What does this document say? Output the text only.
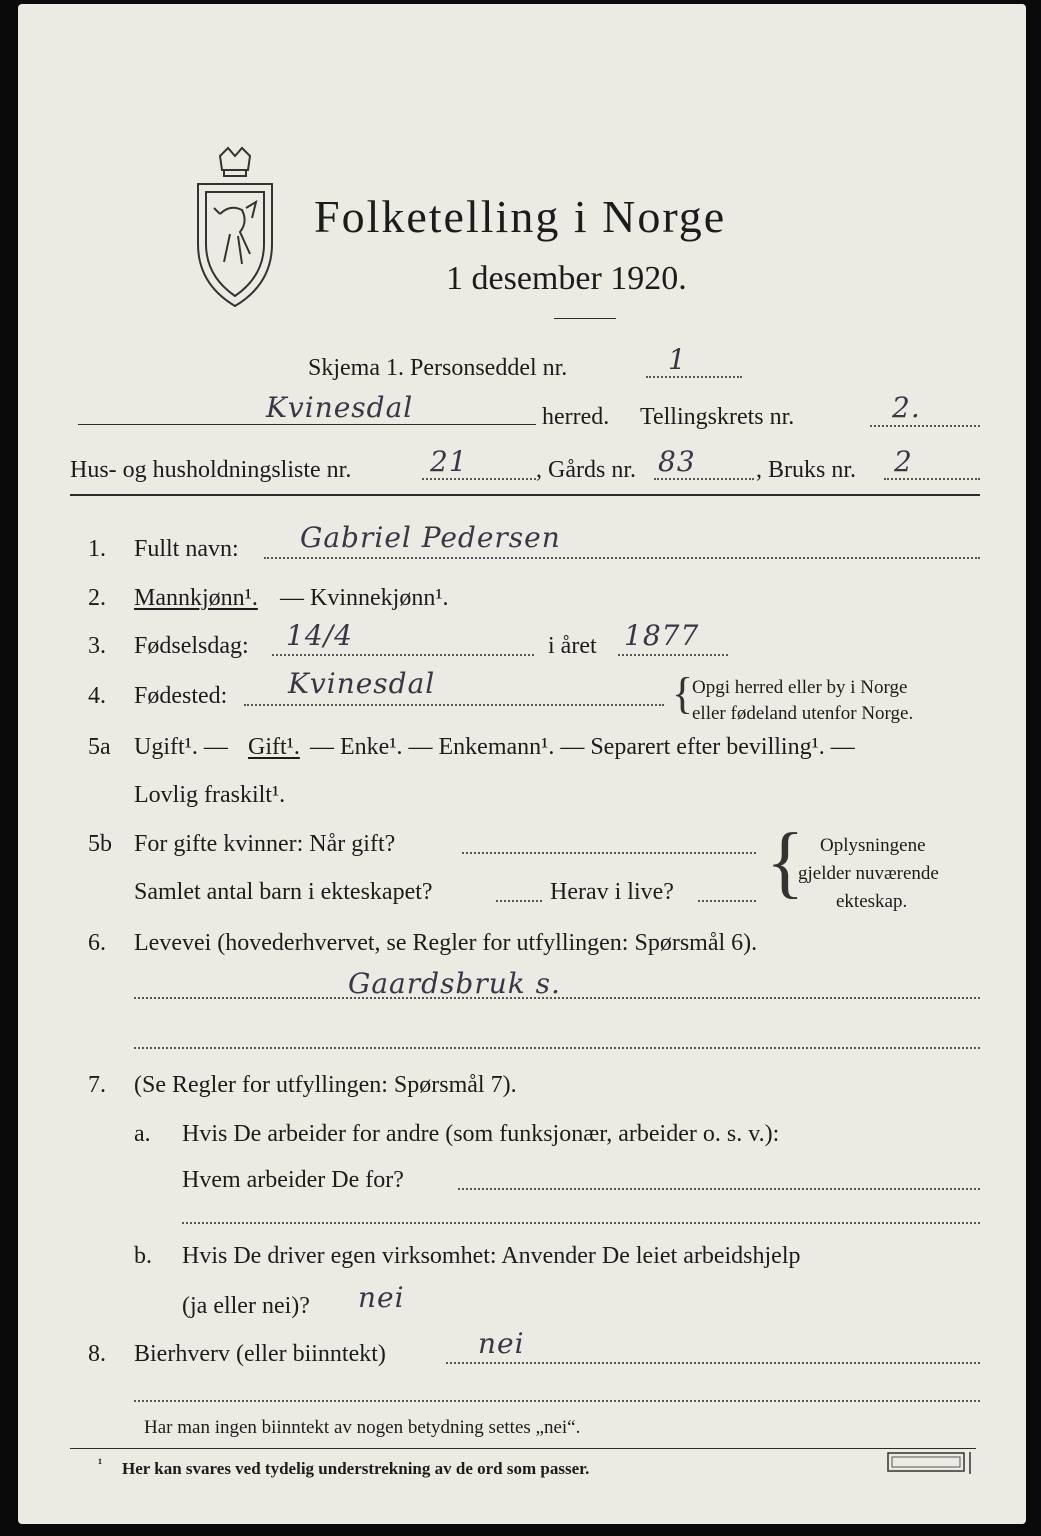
Folketelling i Norge
1 desember 1920.
Skjema 1. Personseddel nr.	1
Kvinesdal	herred. Tellingskrets nr.	2.
Hus- og husholdningsliste nr.	21	, Gårds nr. 83	, Bruks nr. 2
1. Fullt navn: Gabriel Pedersen
2. Mannkjønn¹. — Kvinnekjønn¹.
3. Fødselsdag: 14/4	i året 1877
4. Fødested: Kvinesdal	{
Opgi herred eller by i Norge
eller fødeland utenfor Norge.
5a Ugift¹. — Gift¹. — Enke¹. — Enkemann¹. — Separert efter bevilling¹. —
Lovlig fraskilt¹.
5b For gifte kvinner: Når gift?
Samlet antal barn i ekteskapet?	Herav i live? { Oplysningene
gjelder nuværende
ekteskap.
6. Levevei (hovederhvervet, se Regler for utfyllingen: Spørsmål 6).
Gaardsbruk s.
7. (Se Regler for utfyllingen: Spørsmål 7).
a. Hvis De arbeider for andre (som funksjonær, arbeider o. s. v.):
Hvem arbeider De for?
b. Hvis De driver egen virksomhet: Anvender De leiet arbeidshjelp
(ja eller nei)? nei
8. Bierhverv (eller biinntekt)	nei
Har man ingen biinntekt av nogen betydning settes „nei“.
¹ Her kan svares ved tydelig understrekning av de ord som passer.
